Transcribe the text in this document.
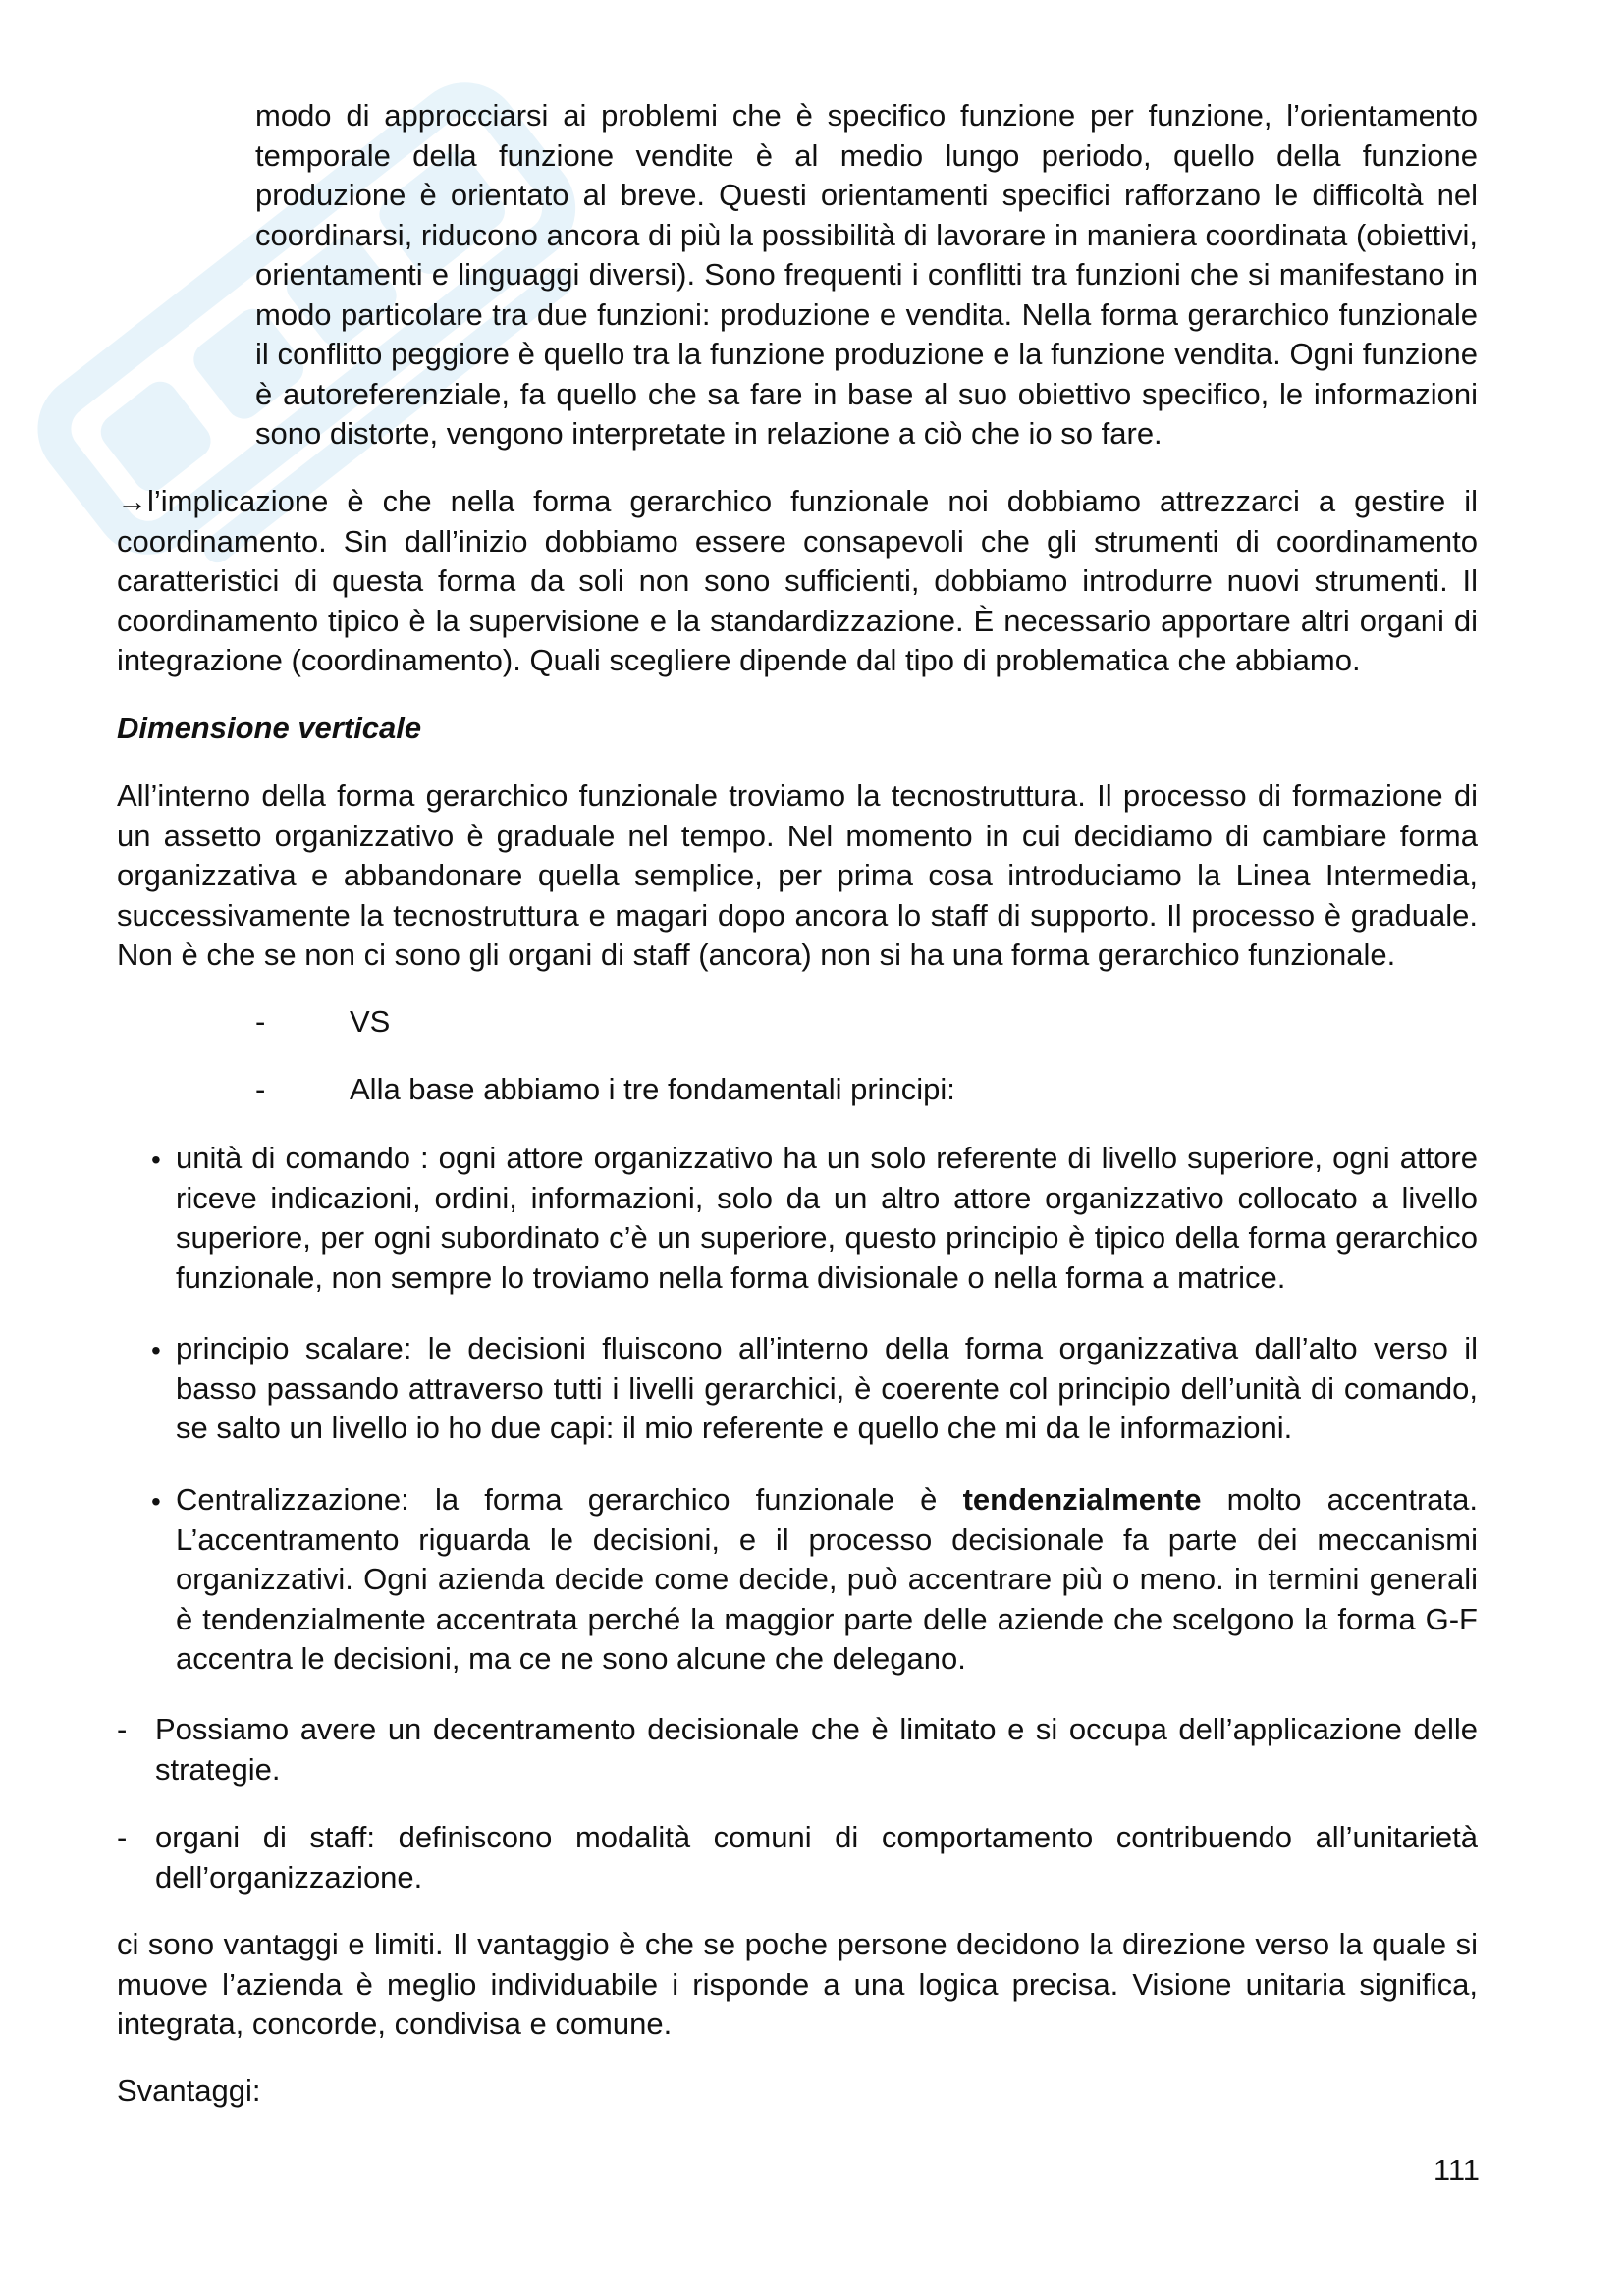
modo di approcciarsi ai problemi che è specifico funzione per funzione, l’orientamento temporale della funzione vendite è al medio lungo periodo, quello della funzione produzione è orientato al breve. Questi orientamenti specifici rafforzano le difficoltà nel coordinarsi, riducono ancora di più la possibilità di lavorare in maniera coordinata (obiettivi, orientamenti e linguaggi diversi). Sono frequenti i conflitti tra funzioni che si manifestano in modo particolare tra due funzioni: produzione e vendita. Nella forma gerarchico funzionale il conflitto peggiore è quello tra la funzione produzione e la funzione vendita. Ogni funzione è autoreferenziale, fa quello che sa fare in base al suo obiettivo specifico, le informazioni sono distorte, vengono interpretate in relazione a ciò che io so fare.

→l’implicazione è che nella forma gerarchico funzionale noi dobbiamo attrezzarci a gestire il coordinamento. Sin dall’inizio dobbiamo essere consapevoli che gli strumenti di coordinamento caratteristici di questa forma da soli non sono sufficienti, dobbiamo introdurre nuovi strumenti. Il coordinamento tipico è la supervisione e la standardizzazione. È necessario apportare altri organi di integrazione (coordinamento). Quali scegliere dipende dal tipo di problematica che abbiamo.

Dimensione verticale

All’interno della forma gerarchico funzionale troviamo la tecnostruttura. Il processo di formazione di un assetto organizzativo è graduale nel tempo. Nel momento in cui decidiamo di cambiare forma organizzativa e abbandonare quella semplice, per prima cosa introduciamo la Linea Intermedia, successivamente la tecnostruttura e magari dopo ancora lo staff di supporto. Il processo è graduale. Non è che se non ci sono gli organi di staff (ancora) non si ha una forma gerarchico funzionale.

-	VS

-	Alla base abbiamo i tre fondamentali principi:

• unità di comando : ogni attore organizzativo ha un solo referente di livello superiore, ogni attore riceve indicazioni, ordini, informazioni, solo da un altro attore organizzativo collocato a livello superiore, per ogni subordinato c’è un superiore, questo principio è tipico della forma gerarchico funzionale, non sempre lo troviamo nella forma divisionale o nella forma a matrice.

• principio scalare: le decisioni fluiscono all’interno della forma organizzativa dall’alto verso il basso passando attraverso tutti i livelli gerarchici, è coerente col principio dell’unità di comando, se salto un livello io ho due capi: il mio referente e quello che mi da le informazioni.

• Centralizzazione: la forma gerarchico funzionale è tendenzialmente molto accentrata. L’accentramento riguarda le decisioni, e il processo decisionale fa parte dei meccanismi organizzativi. Ogni azienda decide come decide, può accentrare più o meno. in termini generali è tendenzialmente accentrata perché la maggior parte delle aziende che scelgono la forma G-F accentra le decisioni, ma ce ne sono alcune che delegano.

- Possiamo avere un decentramento decisionale che è limitato e si occupa dell’applicazione delle strategie.

- organi di staff: definiscono modalità comuni di comportamento contribuendo all’unitarietà dell’organizzazione.

ci sono vantaggi e limiti. Il vantaggio è che se poche persone decidono la direzione verso la quale si muove l’azienda è meglio individuabile i risponde a una logica precisa. Visione unitaria significa, integrata, concorde, condivisa e comune.

Svantaggi:

111
